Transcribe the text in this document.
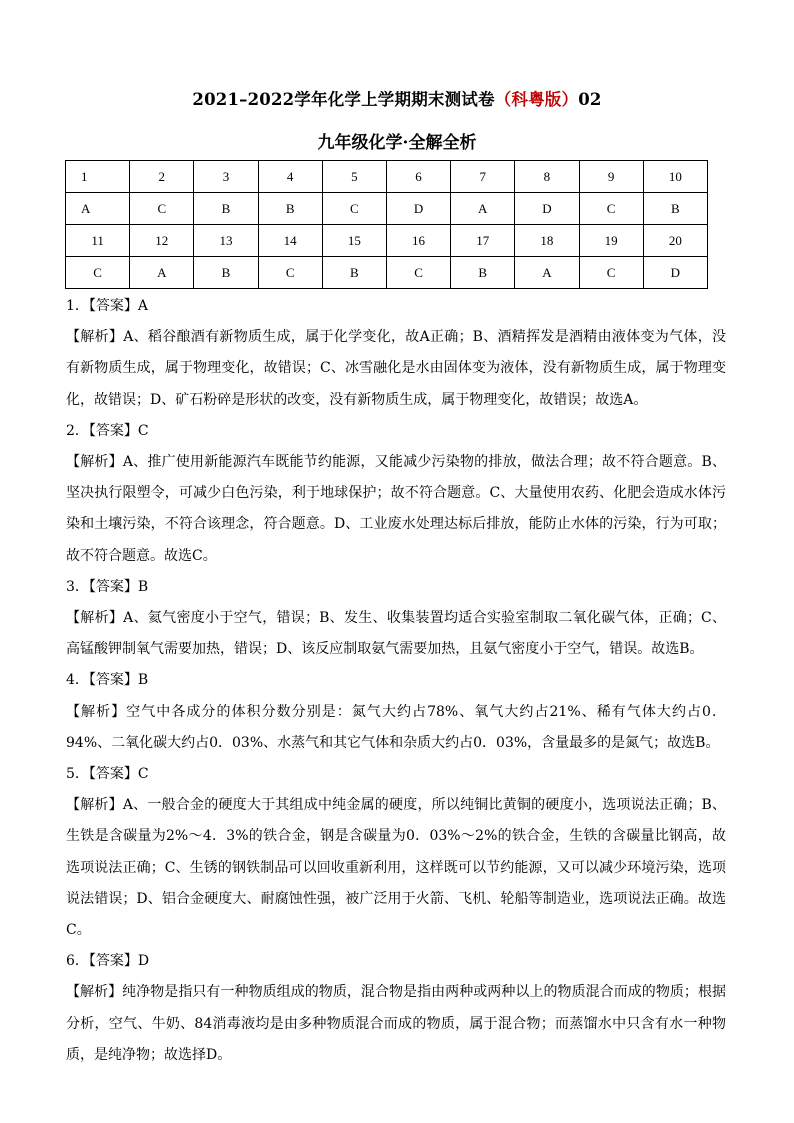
2021–2022学年化学上学期期末测试卷（科粤版）02
九年级化学·全解全析
1	2	3	4	5	6	7	8	9	10
A	C	B	B	C	D	A	D	C	B
11	12	13	14	15	16	17	18	19	20
C	A	B	C	B	C	B	A	C	D

1．【答案】A

【解析】A、稻谷酿酒有新物质生成，属于化学变化，故A正确；B、酒精挥发是酒精由液体变为气体，没有新物质生成，属于物理变化，故错误；C、冰雪融化是水由固体变为液体，没有新物质生成，属于物理变化，故错误；D、矿石粉碎是形状的改变，没有新物质生成，属于物理变化，故错误；故选A。

2．【答案】C

【解析】A、推广使用新能源汽车既能节约能源，又能减少污染物的排放，做法合理；故不符合题意。B、坚决执行限塑令，可减少白色污染，利于地球保护；故不符合题意。C、大量使用农药、化肥会造成水体污染和土壤污染，不符合该理念，符合题意。D、工业废水处理达标后排放，能防止水体的污染，行为可取；故不符合题意。故选C。

3．【答案】B

【解析】A、氦气密度小于空气，错误；B、发生、收集装置均适合实验室制取二氧化碳气体，正确；C、高锰酸钾制氧气需要加热，错误；D、该反应制取氨气需要加热，且氨气密度小于空气，错误。故选B。

4．【答案】B

【解析】空气中各成分的体积分数分别是：氮气大约占78%、氧气大约占21%、稀有气体大约占0．94%、二氧化碳大约占0．03%、水蒸气和其它气体和杂质大约占0．03%，含量最多的是氮气；故选B。

5．【答案】C

【解析】A、一般合金的硬度大于其组成中纯金属的硬度，所以纯铜比黄铜的硬度小，选项说法正确；B、生铁是含碳量为2%～4．3%的铁合金，钢是含碳量为0．03%～2%的铁合金，生铁的含碳量比钢高，故选项说法正确；C、生锈的钢铁制品可以回收重新利用，这样既可以节约能源，又可以减少环境污染，选项说法错误；D、铝合金硬度大、耐腐蚀性强，被广泛用于火箭、飞机、轮船等制造业，选项说法正确。故选C。

6．【答案】D

【解析】纯净物是指只有一种物质组成的物质，混合物是指由两种或两种以上的物质混合而成的物质；根据分析，空气、牛奶、84消毒液均是由多种物质混合而成的物质，属于混合物；而蒸馏水中只含有水一种物质，是纯净物；故选择D。
